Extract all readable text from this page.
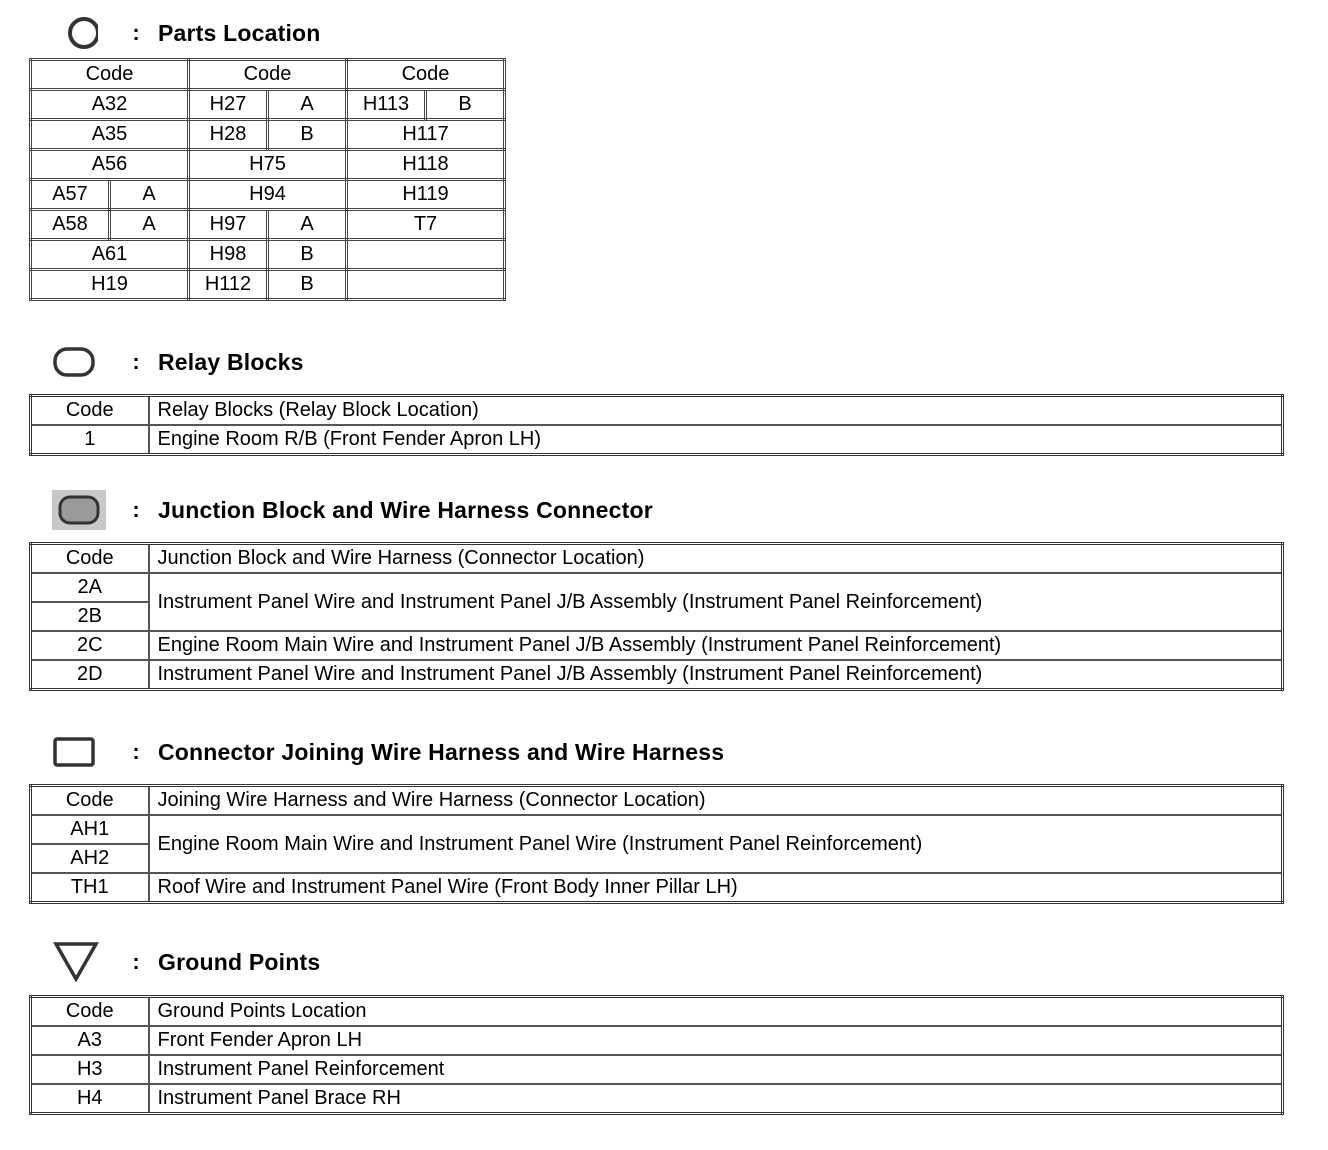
: Parts Location
Code		Code		Code	
A32		H27	A	H113	B
A35		H28	B	H117	
A56		H75		H118	
A57	A	H94		H119	
A58	A	H97	A	T7	
A61		H98	B		
H19		H112	B		
: Relay Blocks
Code	Relay Blocks (Relay Block Location)
1	Engine Room R/B (Front Fender Apron LH)
: Junction Block and Wire Harness Connector
Code	Junction Block and Wire Harness (Connector Location)
2A	Instrument Panel Wire and Instrument Panel J/B Assembly (Instrument Panel Reinforcement)
2B	
2C	Engine Room Main Wire and Instrument Panel J/B Assembly (Instrument Panel Reinforcement)
2D	Instrument Panel Wire and Instrument Panel J/B Assembly (Instrument Panel Reinforcement)
: Connector Joining Wire Harness and Wire Harness
Code	Joining Wire Harness and Wire Harness (Connector Location)
AH1	Engine Room Main Wire and Instrument Panel Wire (Instrument Panel Reinforcement)
AH2	
TH1	Roof Wire and Instrument Panel Wire (Front Body Inner Pillar LH)
: Ground Points
Code	Ground Points Location
A3	Front Fender Apron LH
H3	Instrument Panel Reinforcement
H4	Instrument Panel Brace RH
